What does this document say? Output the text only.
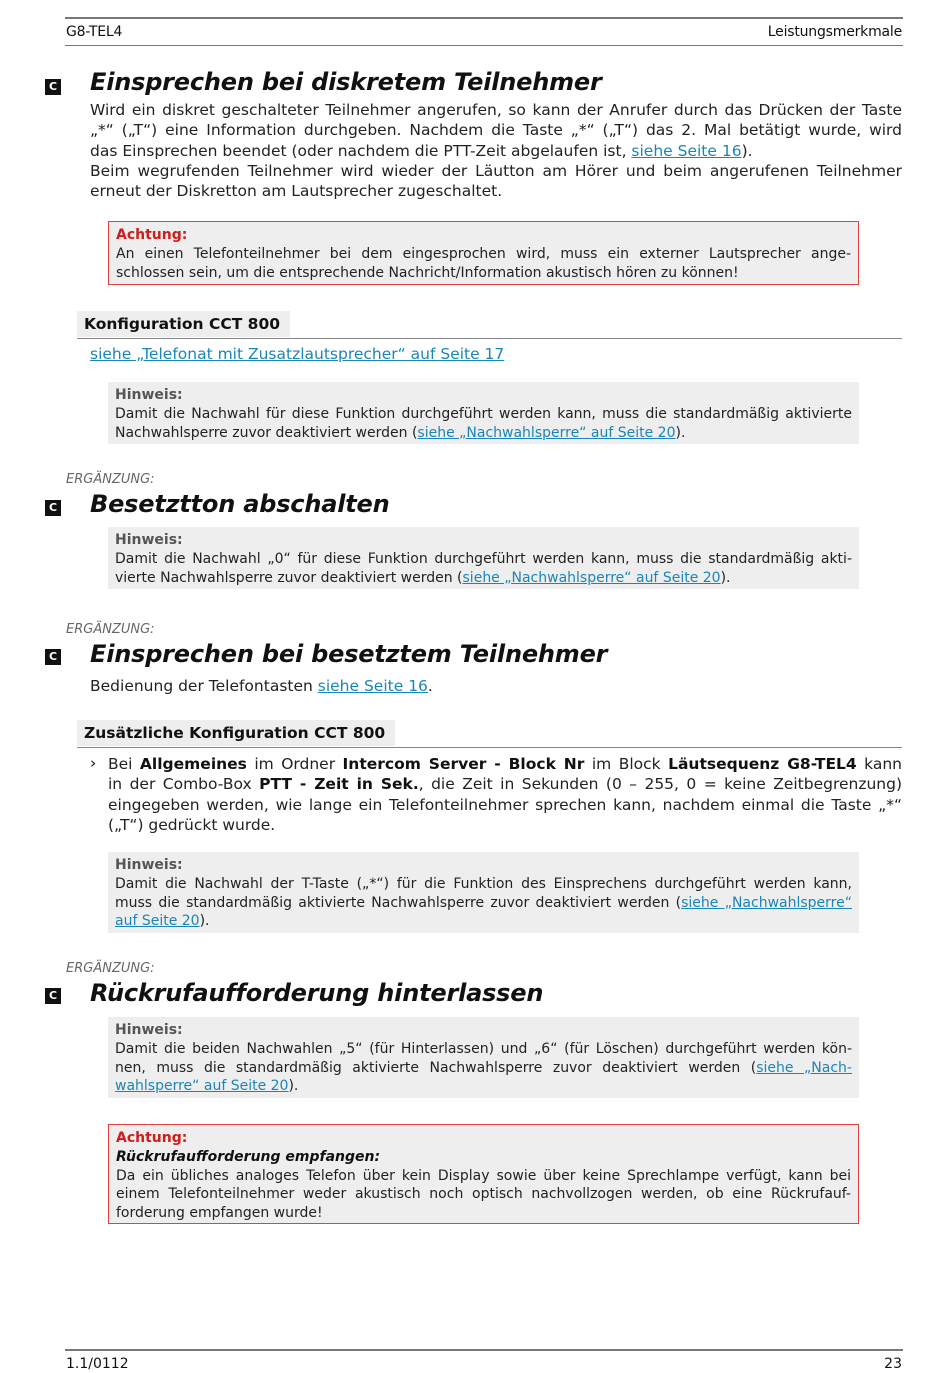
G8-TEL4	Leistungsmerkmale
C Einsprechen bei diskretem Teilnehmer
Wird ein diskret geschalteter Teilnehmer angerufen, so kann der Anrufer durch das Drücken der Taste
„*“ („T“) eine Information durchgeben. Nachdem die Taste „*“ („T“) das 2. Mal betätigt wurde, wird
das Einsprechen beendet (oder nachdem die PTT-Zeit abgelaufen ist, siehe Seite 16).
Beim wegrufenden Teilnehmer wird wieder der Läutton am Hörer und beim angerufenen Teilnehmer
erneut der Diskretton am Lautsprecher zugeschaltet.
Achtung:
An einen Telefonteilnehmer bei dem eingesprochen wird, muss ein externer Lautsprecher ange-
schlossen sein, um die entsprechende Nachricht/Information akustisch hören zu können!
Konfiguration CCT 800
siehe „Telefonat mit Zusatzlautsprecher“ auf Seite 17
Hinweis:
Damit die Nachwahl für diese Funktion durchgeführt werden kann, muss die standardmäßig aktivierte
Nachwahlsperre zuvor deaktiviert werden (siehe „Nachwahlsperre“ auf Seite 20).
ERGÄNZUNG:
C Besetztton abschalten
Hinweis:
Damit die Nachwahl „0“ für diese Funktion durchgeführt werden kann, muss die standardmäßig akti-
vierte Nachwahlsperre zuvor deaktiviert werden (siehe „Nachwahlsperre“ auf Seite 20).
ERGÄNZUNG:
C Einsprechen bei besetztem Teilnehmer
Bedienung der Telefontasten siehe Seite 16.
Zusätzliche Konfiguration CCT 800
› Bei Allgemeines im Ordner Intercom Server - Block Nr im Block Läutsequenz G8-TEL4 kann
in der Combo-Box PTT - Zeit in Sek., die Zeit in Sekunden (0 – 255, 0 = keine Zeitbegrenzung)
eingegeben werden, wie lange ein Telefonteilnehmer sprechen kann, nachdem einmal die Taste „*“
(„T“) gedrückt wurde.
Hinweis:
Damit die Nachwahl der T-Taste („*“) für die Funktion des Einsprechens durchgeführt werden kann,
muss die standardmäßig aktivierte Nachwahlsperre zuvor deaktiviert werden (siehe „Nachwahlsperre“
auf Seite 20).
ERGÄNZUNG:
C Rückrufaufforderung hinterlassen
Hinweis:
Damit die beiden Nachwahlen „5“ (für Hinterlassen) und „6“ (für Löschen) durchgeführt werden kön-
nen, muss die standardmäßig aktivierte Nachwahlsperre zuvor deaktiviert werden (siehe „Nach-
wahlsperre“ auf Seite 20).
Achtung:
Rückrufaufforderung empfangen:
Da ein übliches analoges Telefon über kein Display sowie über keine Sprechlampe verfügt, kann bei
einem Telefonteilnehmer weder akustisch noch optisch nachvollzogen werden, ob eine Rückrufauf-
forderung empfangen wurde!
1.1/0112	23
